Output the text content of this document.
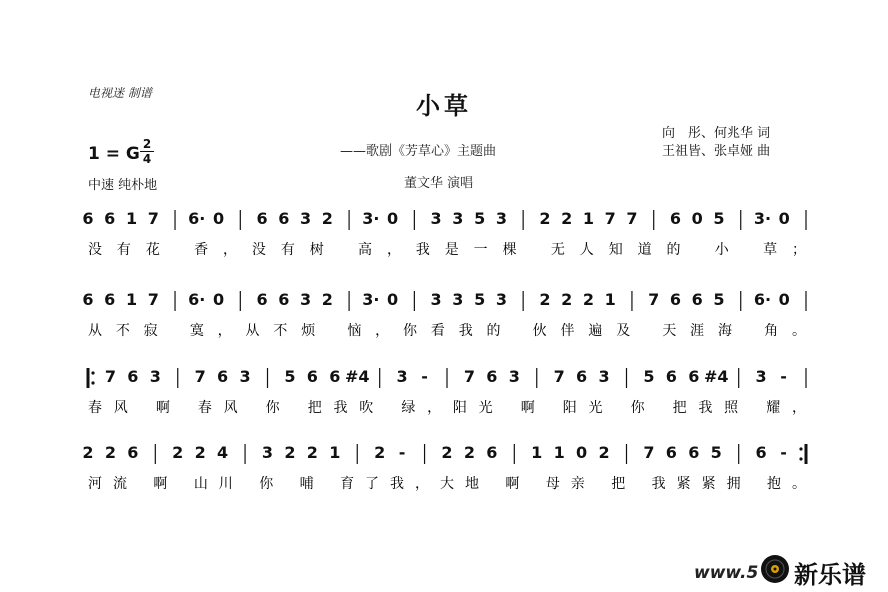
电视迷 制谱	小草
——歌剧《芳草心》主题曲
董文华 演唱
向　彤、何兆华 词
王祖皆、张卓娅 曲
1 = G 2
4
中速 纯朴地
6 6 1 7 6· 0 6 6 3 2 3· 0 3 3 5 3 2 2 1 7 7 6 0 5 3· 0
没有花 香，没有树 高，我是一棵 无人知道的 小 草；
6 6 1 7 6· 0 6 6 3 2 3· 0 3 3 5 3 2 2 2 1 7 6 6 5 6· 0
从不寂 寞，从不烦 恼，你看我的 伙伴遍及 天涯海 角。
7 6 3 7 6 3 5 6 6 #4 3 - 7 6 3 7 6 3 5 6 6 #4 3 -
春风 啊 春风 你 把我吹 绿，阳光 啊 阳光 你 把我照 耀，
2 2 6 2 2 4 3 2 2 1 2 - 2 2 6 1 1 0 2 7 6 6 5 6 -
河流 啊 山川 你 哺 育了我，大地 啊 母亲 把 我紧紧拥 抱。
www.5 新乐谱
